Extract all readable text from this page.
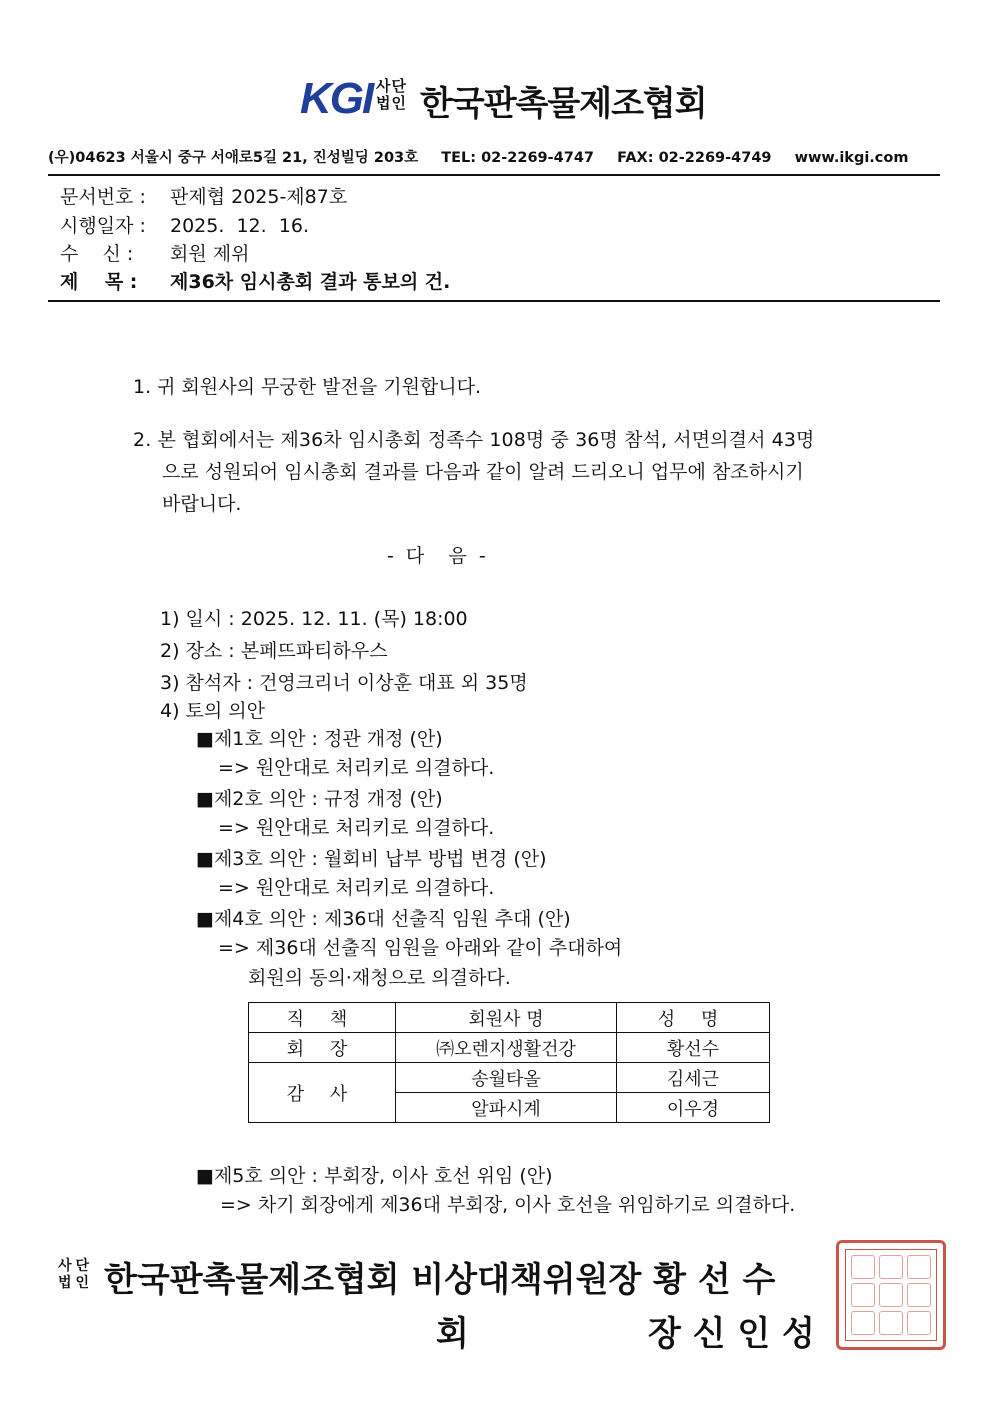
KGI 사단법인 한국판촉물제조협회
(우)04623 서울시 중구 서애로5길 21, 진성빌딩 203호 TEL: 02-2269-4747 FAX: 02-2269-4749 www.ikgi.com
문서번호 : 판제협 2025-제87호
시행일자 : 2025.  12.  16.
수    신 : 회원 제위
제    목 : 제36차 임시총회 결과 통보의 건.
1. 귀 회원사의 무궁한 발전을 기원합니다.
2. 본 협회에서는 제36차 임시총회 정족수 108명 중 36명 참석, 서면의결서 43명
으로 성원되어 임시총회 결과를 다음과 같이 알려 드리오니 업무에 참조하시기
바랍니다.
-  다    음  -
1) 일시 : 2025. 12. 11. (목) 18:00
2) 장소 : 본페뜨파티하우스
3) 참석자 : 건영크리너 이상훈 대표 외 35명
4) 토의 의안
■제1호 의안 : 정관 개정 (안)
=> 원안대로 처리키로 의결하다.
■제2호 의안 : 규정 개정 (안)
=> 원안대로 처리키로 의결하다.
■제3호 의안 : 월회비 납부 방법 변경 (안)
=> 원안대로 처리키로 의결하다.
■제4호 의안 : 제36대 선출직 임원 추대 (안)
=> 제36대 선출직 임원을 아래와 같이 추대하여
회원의 동의·재청으로 의결하다.
직 책	회원사 명	성 명
회 장	㈜오렌지생활건강	황선수
감 사	송월타올	김세근
	알파시계	이우경
■제5호 의안 : 부회장, 이사 호선 위임 (안)
=> 차기 회장에게 제36대 부회장, 이사 호선을 위임하기로 의결하다.
사단법인 한국판촉물제조협회 비상대책위원장 황 선 수
회	장 신 인 성
